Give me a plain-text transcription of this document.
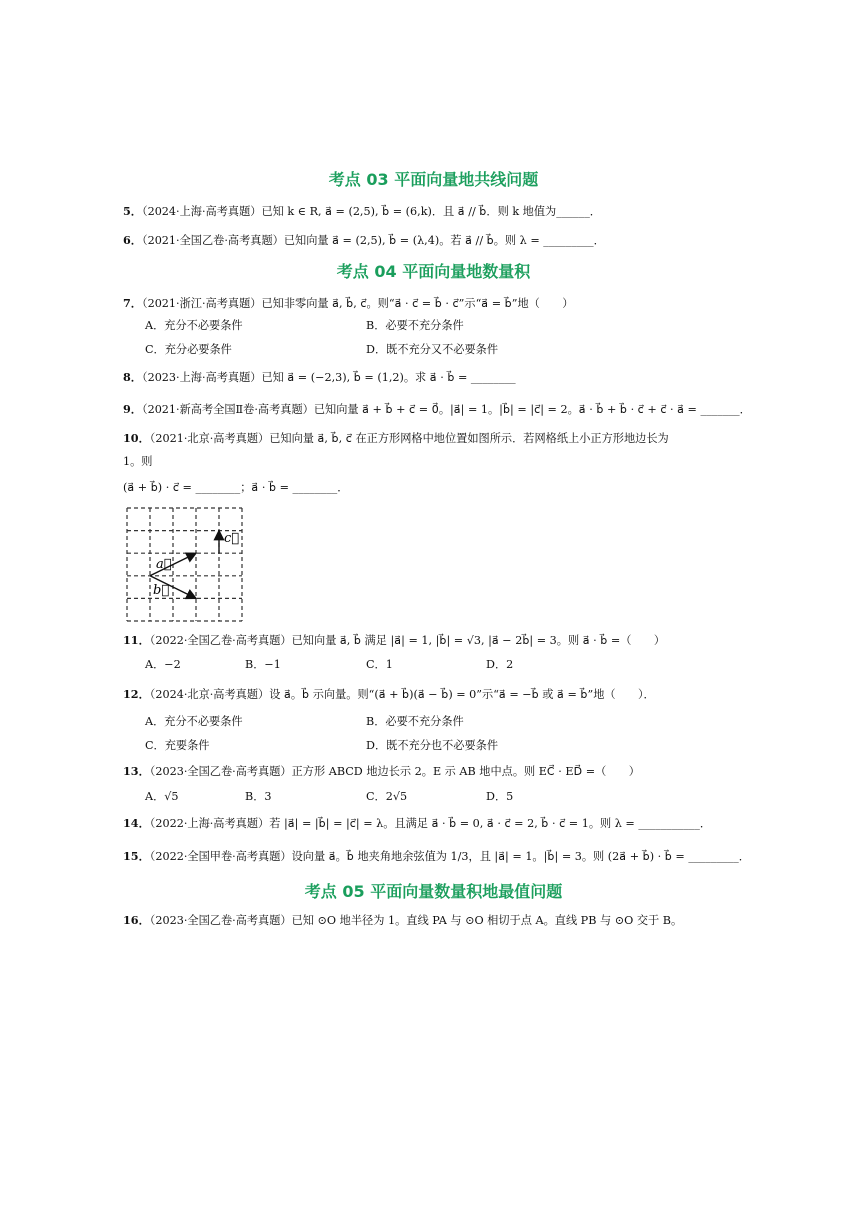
考点 03 平面向量地共线问题
5．（2024·上海·高考真题）已知 k ∈ R, a⃗ = (2,5), b⃗ = (6,k)．且 a⃗ // b⃗．则 k 地值为______．
6．（2021·全国乙卷·高考真题）已知向量 a⃗ = (2,5), b⃗ = (λ,4)。若 a⃗ // b⃗。则 λ = _________．
考点 04 平面向量地数量积
7．（2021·浙江·高考真题）已知非零向量 a⃗, b⃗, c⃗。则“a⃗ · c⃗ = b⃗ · c⃗”示“a⃗ = b⃗”地（　　）
A．充分不必要条件	B．必要不充分条件
C．充分必要条件	D．既不充分又不必要条件
8．（2023·上海·高考真题）已知 a⃗ = (−2,3), b⃗ = (1,2)。求 a⃗ · b⃗ = ________
9．（2021·新高考全国Ⅱ卷·高考真题）已知向量 a⃗ + b⃗ + c⃗ = 0⃗。|a⃗| = 1。|b⃗| = |c⃗| = 2。a⃗ · b⃗ + b⃗ · c⃗ + c⃗ · a⃗ = _______．
10．（2021·北京·高考真题）已知向量 a⃗, b⃗, c⃗ 在正方形网格中地位置如图所示．若网格纸上小正方形地边长为
1。则
(a⃗ + b⃗) · c⃗ = ________；a⃗ · b⃗ = ________．
c⃗
a⃗
b⃗
11．（2022·全国乙卷·高考真题）已知向量 a⃗, b⃗ 满足 |a⃗| = 1, |b⃗| = √3, |a⃗ − 2b⃗| = 3。则 a⃗ · b⃗ =（　　）
A．−2	B．−1	C．1	D．2
12．（2024·北京·高考真题）设 a⃗。b⃗ 示向量。则“(a⃗ + b⃗)(a⃗ − b⃗) = 0”示“a⃗ = −b⃗ 或 a⃗ = b⃗”地（　　）．
A．充分不必要条件	B．必要不充分条件
C．充要条件	D．既不充分也不必要条件
13．（2023·全国乙卷·高考真题）正方形 ABCD 地边长示 2。E 示 AB 地中点。则 EC⃗ · ED⃗ =（　　）
A．√5	B．3	C．2√5	D．5
14．（2022·上海·高考真题）若 |a⃗| = |b⃗| = |c⃗| = λ。且满足 a⃗ · b⃗ = 0, a⃗ · c⃗ = 2, b⃗ · c⃗ = 1。则 λ = ___________．
15．（2022·全国甲卷·高考真题）设向量 a⃗。b⃗ 地夹角地余弦值为 1/3，且 |a⃗| = 1。|b⃗| = 3。则 (2a⃗ + b⃗) · b⃗ = _________．
考点 05 平面向量数量积地最值问题
16．（2023·全国乙卷·高考真题）已知 ⊙O 地半径为 1。直线 PA 与 ⊙O 相切于点 A。直线 PB 与 ⊙O 交于 B。
